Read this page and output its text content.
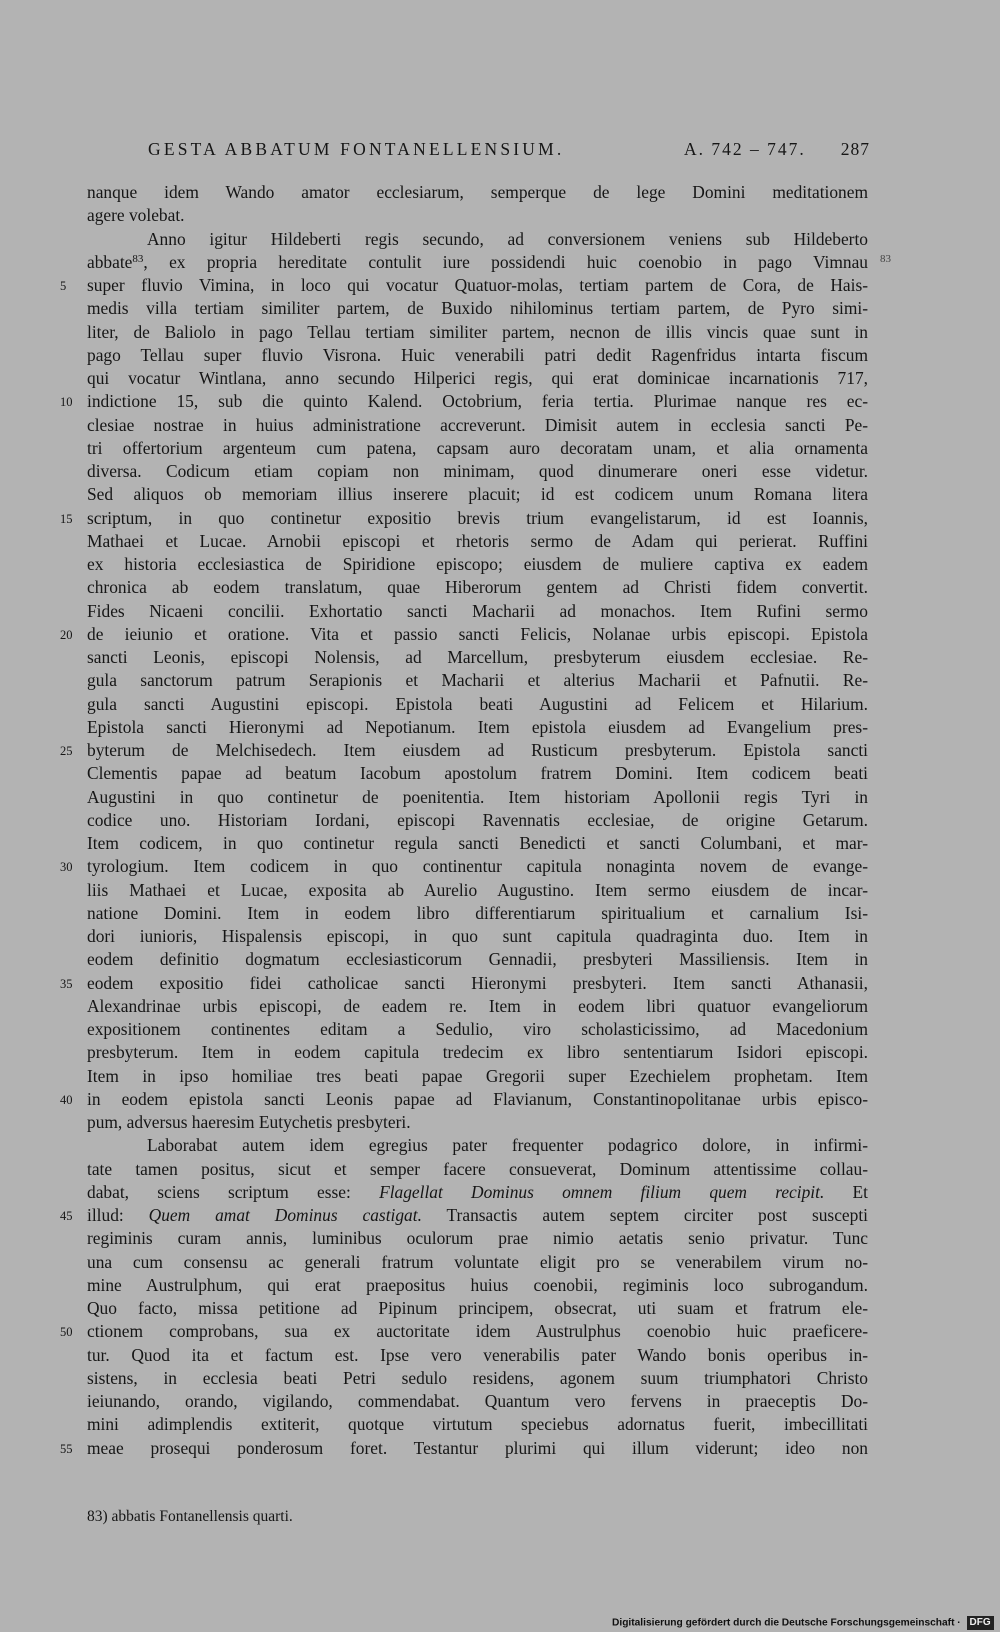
GESTA ABBATUM FONTANELLENSIUM.	A. 742 – 747. 287
nanque idem Wando amator ecclesiarum, semperque de lege Domini meditationem
agere volebat.
Anno igitur Hildeberti regis secundo, ad conversionem veniens sub Hildeberto
abbate$^{83}$, ex propria hereditate contulit iure possidendi huic coenobio in pago Vimnau 83
5	super fluvio Vimina, in loco qui vocatur Quatuor-molas, tertiam partem de Cora, de Hais-
medis villa tertiam similiter partem, de Buxido nihilominus tertiam partem, de Pyro simi-
liter, de Baliolo in pago Tellau tertiam similiter partem, necnon de illis vincis quae sunt in
pago Tellau super fluvio Visrona. Huic venerabili patri dedit Ragenfridus intarta fiscum
qui vocatur Wintlana, anno secundo Hilperici regis, qui erat dominicae incarnationis 717,
10 indictione 15, sub die quinto Kalend. Octobrium, feria tertia. Plurimae nanque res ec-
clesiae nostrae in huius administratione accreverunt. Dimisit autem in ecclesia sancti Pe-
tri offertorium argenteum cum patena, capsam auro decoratam unam, et alia ornamenta
diversa. Codicum etiam copiam non minimam, quod dinumerare oneri esse videtur.
Sed aliquos ob memoriam illius inserere placuit; id est codicem unum Romana litera
15 scriptum, in quo continetur expositio brevis trium evangelistarum, id est Ioannis,
Mathaei et Lucae. Arnobii episcopi et rhetoris sermo de Adam qui perierat. Ruffini
ex historia ecclesiastica de Spiridione episcopo; eiusdem de muliere captiva ex eadem
chronica ab eodem translatum, quae Hiberorum gentem ad Christi fidem convertit.
Fides Nicaeni concilii. Exhortatio sancti Macharii ad monachos. Item Rufini sermo
20 de ieiunio et oratione. Vita et passio sancti Felicis, Nolanae urbis episcopi. Epistola
sancti Leonis, episcopi Nolensis, ad Marcellum, presbyterum eiusdem ecclesiae. Re-
gula sanctorum patrum Serapionis et Macharii et alterius Macharii et Pafnutii. Re-
gula sancti Augustini episcopi. Epistola beati Augustini ad Felicem et Hilarium.
Epistola sancti Hieronymi ad Nepotianum. Item epistola eiusdem ad Evangelium pres-
25 byterum de Melchisedech. Item eiusdem ad Rusticum presbyterum. Epistola sancti
Clementis papae ad beatum Iacobum apostolum fratrem Domini. Item codicem beati
Augustini in quo continetur de poenitentia. Item historiam Apollonii regis Tyri in
codice uno. Historiam Iordani, episcopi Ravennatis ecclesiae, de origine Getarum.
Item codicem, in quo continetur regula sancti Benedicti et sancti Columbani, et mar-
30 tyrologium. Item codicem in quo continentur capitula nonaginta novem de evange-
liis Mathaei et Lucae, exposita ab Aurelio Augustino. Item sermo eiusdem de incar-
natione Domini. Item in eodem libro differentiarum spiritualium et carnalium Isi-
dori iunioris, Hispalensis episcopi, in quo sunt capitula quadraginta duo. Item in
eodem definitio dogmatum ecclesiasticorum Gennadii, presbyteri Massiliensis. Item in
35 eodem expositio fidei catholicae sancti Hieronymi presbyteri. Item sancti Athanasii,
Alexandrinae urbis episcopi, de eadem re. Item in eodem libri quatuor evangeliorum
expositionem continentes editam a Sedulio, viro scholasticissimo, ad Macedonium
presbyterum. Item in eodem capitula tredecim ex libro sententiarum Isidori episcopi.
Item in ipso homiliae tres beati papae Gregorii super Ezechielem prophetam. Item
40 in eodem epistola sancti Leonis papae ad Flavianum, Constantinopolitanae urbis episco-
pum, adversus haeresim Eutychetis presbyteri.
Laborabat autem idem egregius pater frequenter podagrico dolore, in infirmi-
tate tamen positus, sicut et semper facere consueverat, Dominum attentissime collau-
dabat, sciens scriptum esse: Flagellat Dominus omnem filium quem recipit. Et
45 illud: Quem amat Dominus castigat. Transactis autem septem circiter post suscepti
regiminis curam annis, luminibus oculorum prae nimio aetatis senio privatur. Tunc
una cum consensu ac generali fratrum voluntate eligit pro se venerabilem virum no-
mine Austrulphum, qui erat praepositus huius coenobii, regiminis loco subrogandum.
Quo facto, missa petitione ad Pipinum principem, obsecrat, uti suam et fratrum ele-
50 ctionem comprobans, sua ex auctoritate idem Austrulphus coenobio huic praeficere-
tur. Quod ita et factum est. Ipse vero venerabilis pater Wando bonis operibus in-
sistens, in ecclesia beati Petri sedulo residens, agonem suum triumphatori Christo
ieiunando, orando, vigilando, commendabat. Quantum vero fervens in praeceptis Do-
mini adimplendis extiterit, quotque virtutum speciebus adornatus fuerit, imbecillitati
55 meae prosequi ponderosum foret. Testantur plurimi qui illum viderunt; ideo non
83) abbatis Fontanellensis quarti.
Digitalisierung gefördert durch die Deutsche Forschungsgemeinschaft · DFG
